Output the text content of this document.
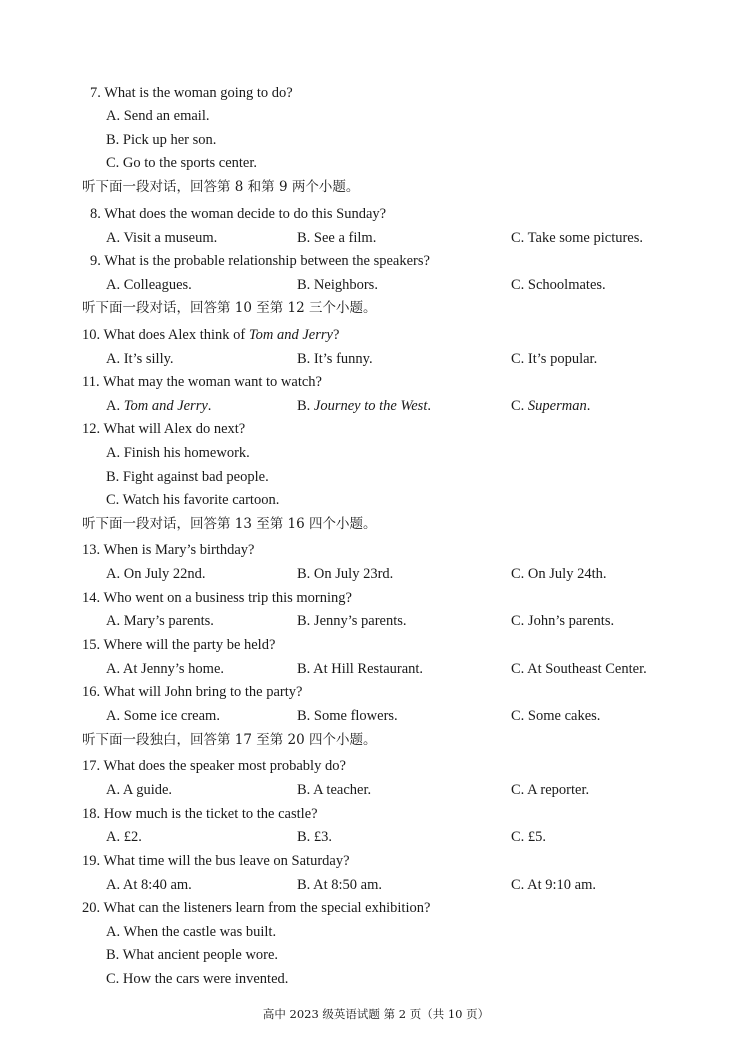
7. What is the woman going to do?
A. Send an email.
B. Pick up her son.
C. Go to the sports center.
听下面一段对话，回答第 8 和第 9 两个小题。
8. What does the woman decide to do this Sunday?
A. Visit a museum.	B. See a film.	C. Take some pictures.
9. What is the probable relationship between the speakers?
A. Colleagues.	B. Neighbors.	C. Schoolmates.
听下面一段对话，回答第 10 至第 12 三个小题。
10. What does Alex think of Tom and Jerry?
A. It’s silly.	B. It’s funny.	C. It’s popular.
11. What may the woman want to watch?
A. Tom and Jerry.	B. Journey to the West.	C. Superman.
12. What will Alex do next?
A. Finish his homework.
B. Fight against bad people.
C. Watch his favorite cartoon.
听下面一段对话，回答第 13 至第 16 四个小题。
13. When is Mary’s birthday?
A. On July 22nd.	B. On July 23rd.	C. On July 24th.
14. Who went on a business trip this morning?
A. Mary’s parents.	B. Jenny’s parents.	C. John’s parents.
15. Where will the party be held?
A. At Jenny’s home.	B. At Hill Restaurant.	C. At Southeast Center.
16. What will John bring to the party?
A. Some ice cream.	B. Some flowers.	C. Some cakes.
听下面一段独白，回答第 17 至第 20 四个小题。
17. What does the speaker most probably do?
A. A guide.	B. A teacher.	C. A reporter.
18. How much is the ticket to the castle?
A. £2.	B. £3.	C. £5.
19. What time will the bus leave on Saturday?
A. At 8:40 am.	B. At 8:50 am.	C. At 9:10 am.
20. What can the listeners learn from the special exhibition?
A. When the castle was built.
B. What ancient people wore.
C. How the cars were invented.
高中 2023 级英语试题 第 2 页（共 10 页）
